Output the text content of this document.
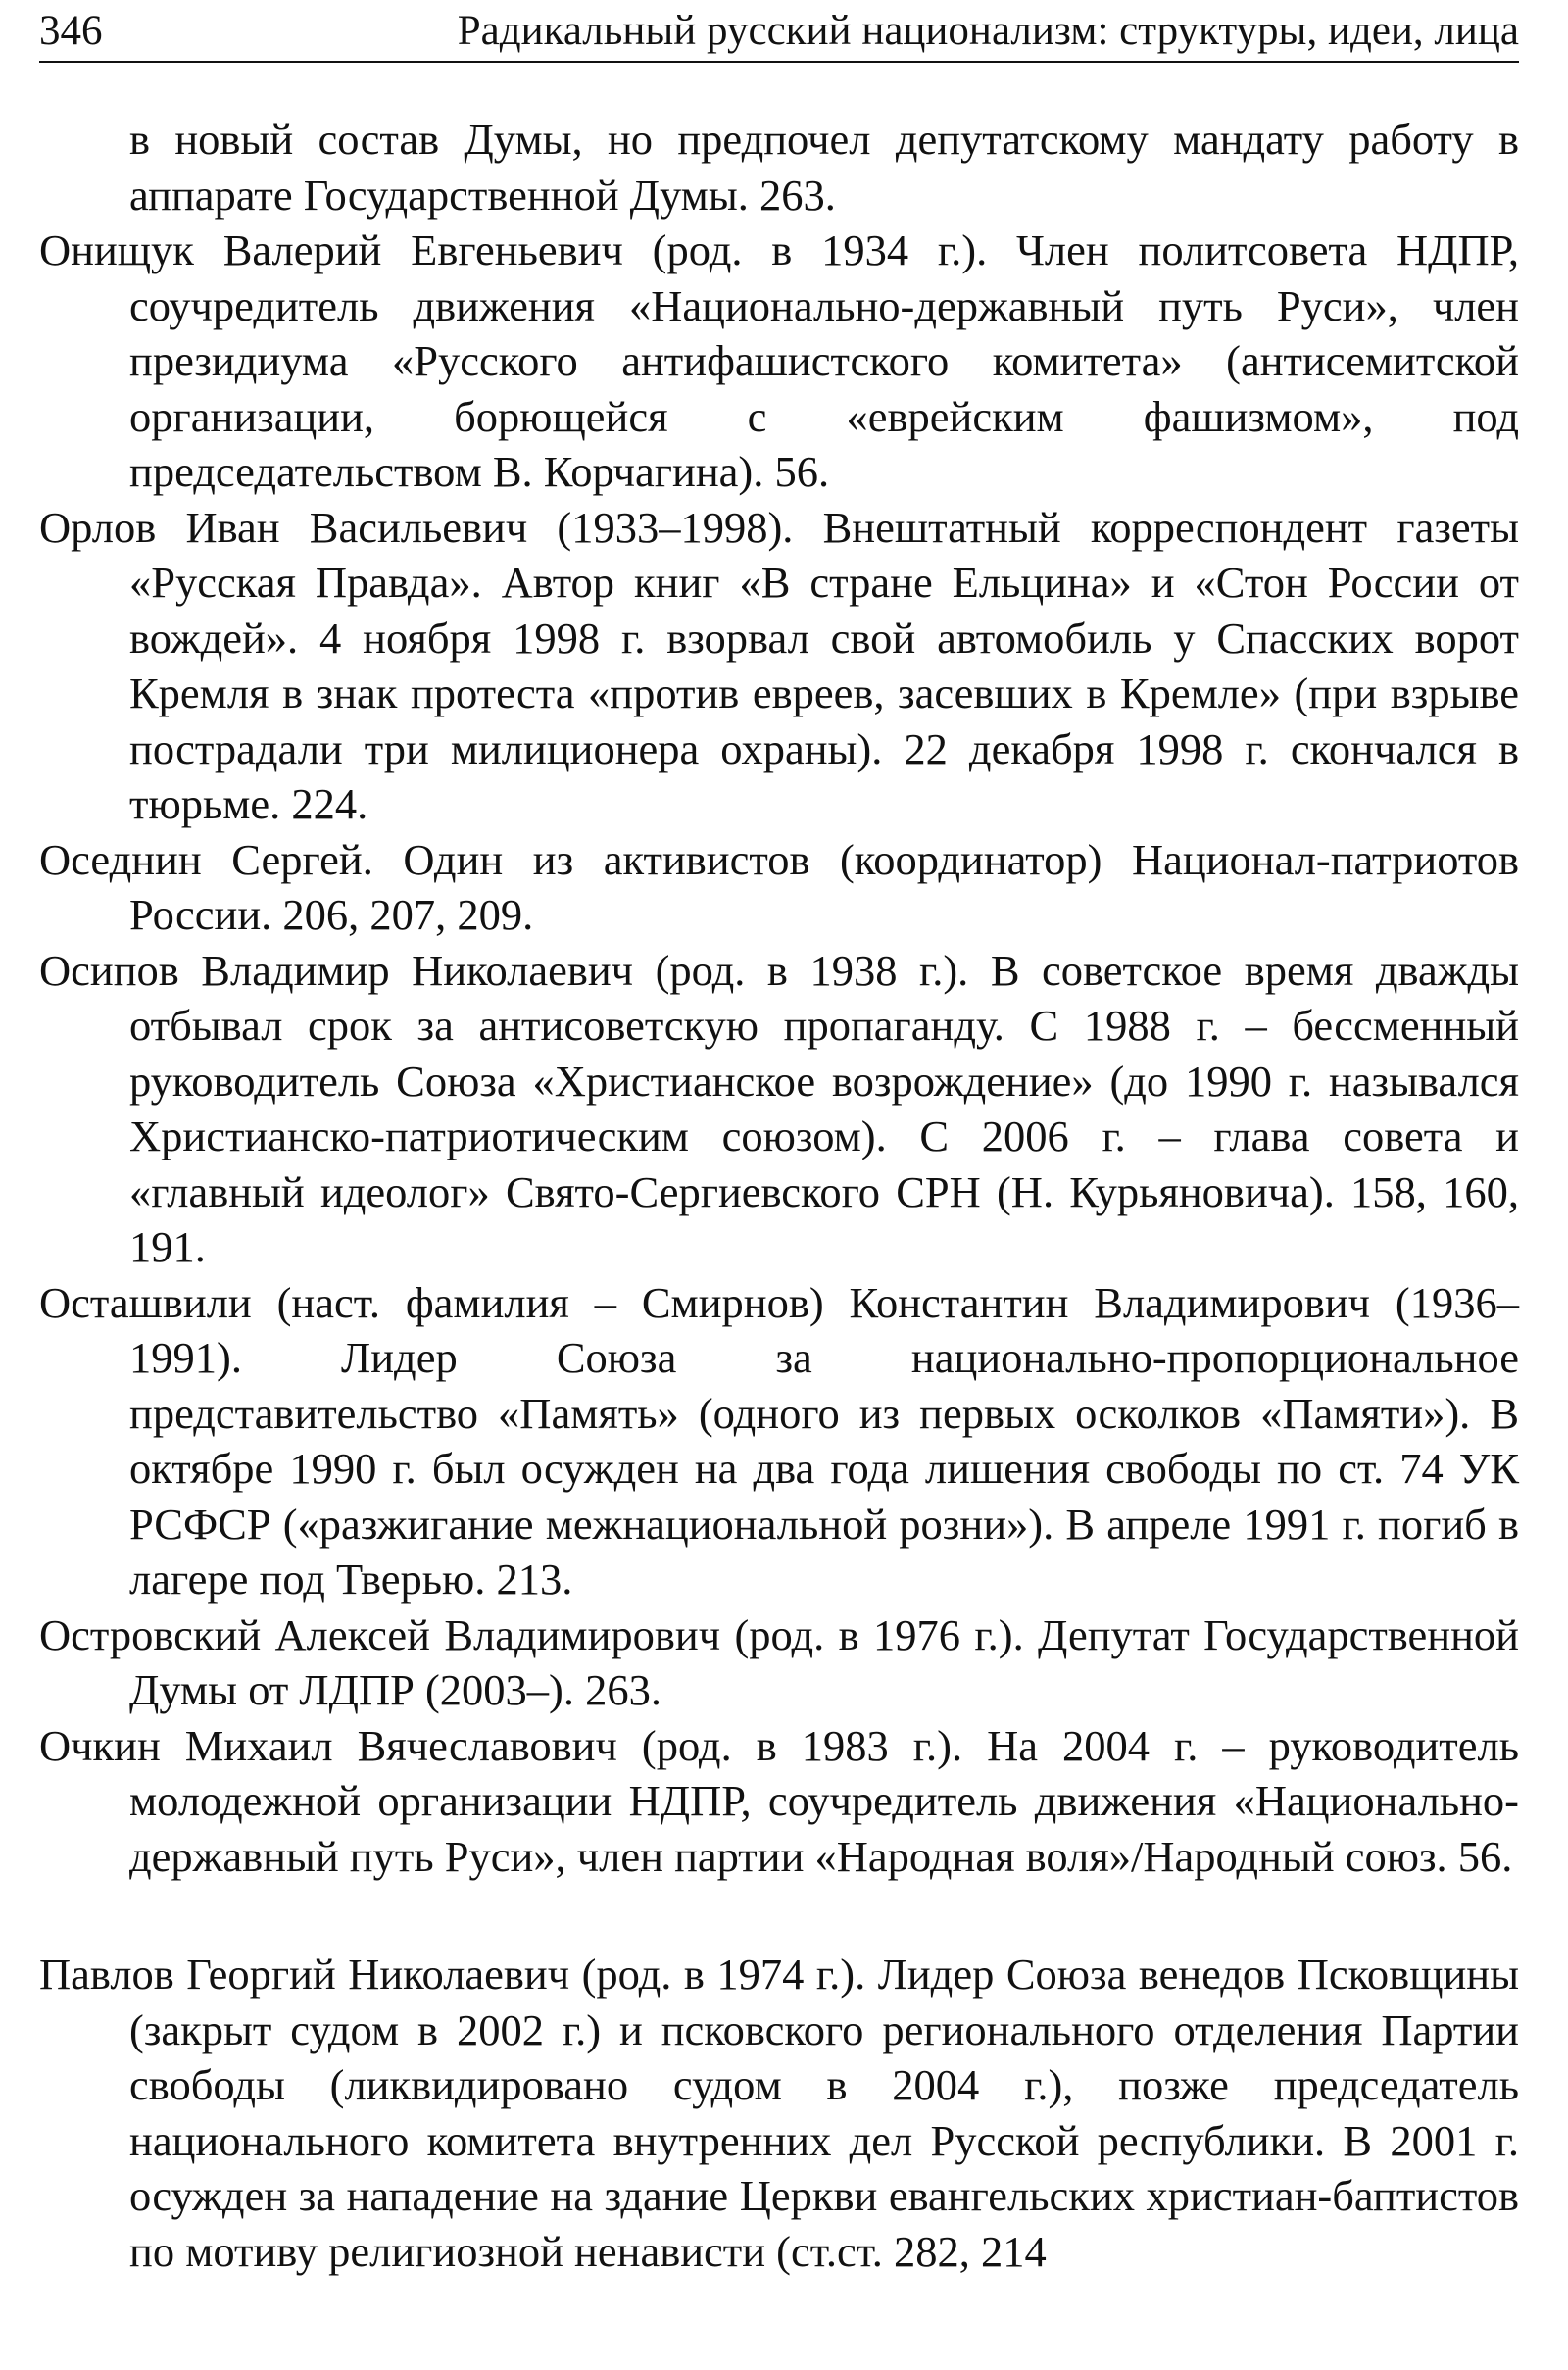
346	Радикальный русский национализм: структуры, идеи, лица

в новый состав Думы, но предпочел депутатскому мандату работу в аппарате Государственной Думы. 263.

Онищук Валерий Евгеньевич (род. в 1934 г.). Член политсовета НДПР, соучредитель движения «Национально-державный путь Руси», член президиума «Русского антифашистского комитета» (антисемитской организации, борющейся с «еврейским фашизмом», под председательством В. Корчагина). 56.

Орлов Иван Васильевич (1933–1998). Внештатный корреспондент газеты «Русская Правда». Автор книг «В стране Ельцина» и «Стон России от вождей». 4 ноября 1998 г. взорвал свой автомобиль у Спасских ворот Кремля в знак протеста «против евреев, засевших в Кремле» (при взрыве пострадали три милиционера охраны). 22 декабря 1998 г. скончался в тюрьме. 224.

Оседнин Сергей. Один из активистов (координатор) Национал-патриотов России. 206, 207, 209.

Осипов Владимир Николаевич (род. в 1938 г.). В советское время дважды отбывал срок за антисоветскую пропаганду. С 1988 г. – бессменный руководитель Союза «Христианское возрождение» (до 1990 г. назывался Христианско-патриотическим союзом). С 2006 г. – глава совета и «главный идеолог» Свято-Сергиевского СРН (Н. Курьяновича). 158, 160, 191.

Осташвили (наст. фамилия – Смирнов) Константин Владимирович (1936–1991). Лидер Союза за национально-пропорциональное представительство «Память» (одного из первых осколков «Памяти»). В октябре 1990 г. был осужден на два года лишения свободы по ст. 74 УК РСФСР («разжигание межнациональной розни»). В апреле 1991 г. погиб в лагере под Тверью. 213.

Островский Алексей Владимирович (род. в 1976 г.). Депутат Государственной Думы от ЛДПР (2003–). 263.

Очкин Михаил Вячеславович (род. в 1983 г.). На 2004 г. – руководитель молодежной организации НДПР, соучредитель движения «Национально-державный путь Руси», член партии «Народная воля»/Народный союз. 56.

Павлов Георгий Николаевич (род. в 1974 г.). Лидер Союза венедов Псковщины (закрыт судом в 2002 г.) и псковского регионального отделения Партии свободы (ликвидировано судом в 2004 г.), позже председатель национального комитета внутренних дел Русской республики. В 2001 г. осужден за нападение на здание Церкви евангельских христиан-баптистов по мотиву религиозной ненависти (ст.ст. 282, 214
